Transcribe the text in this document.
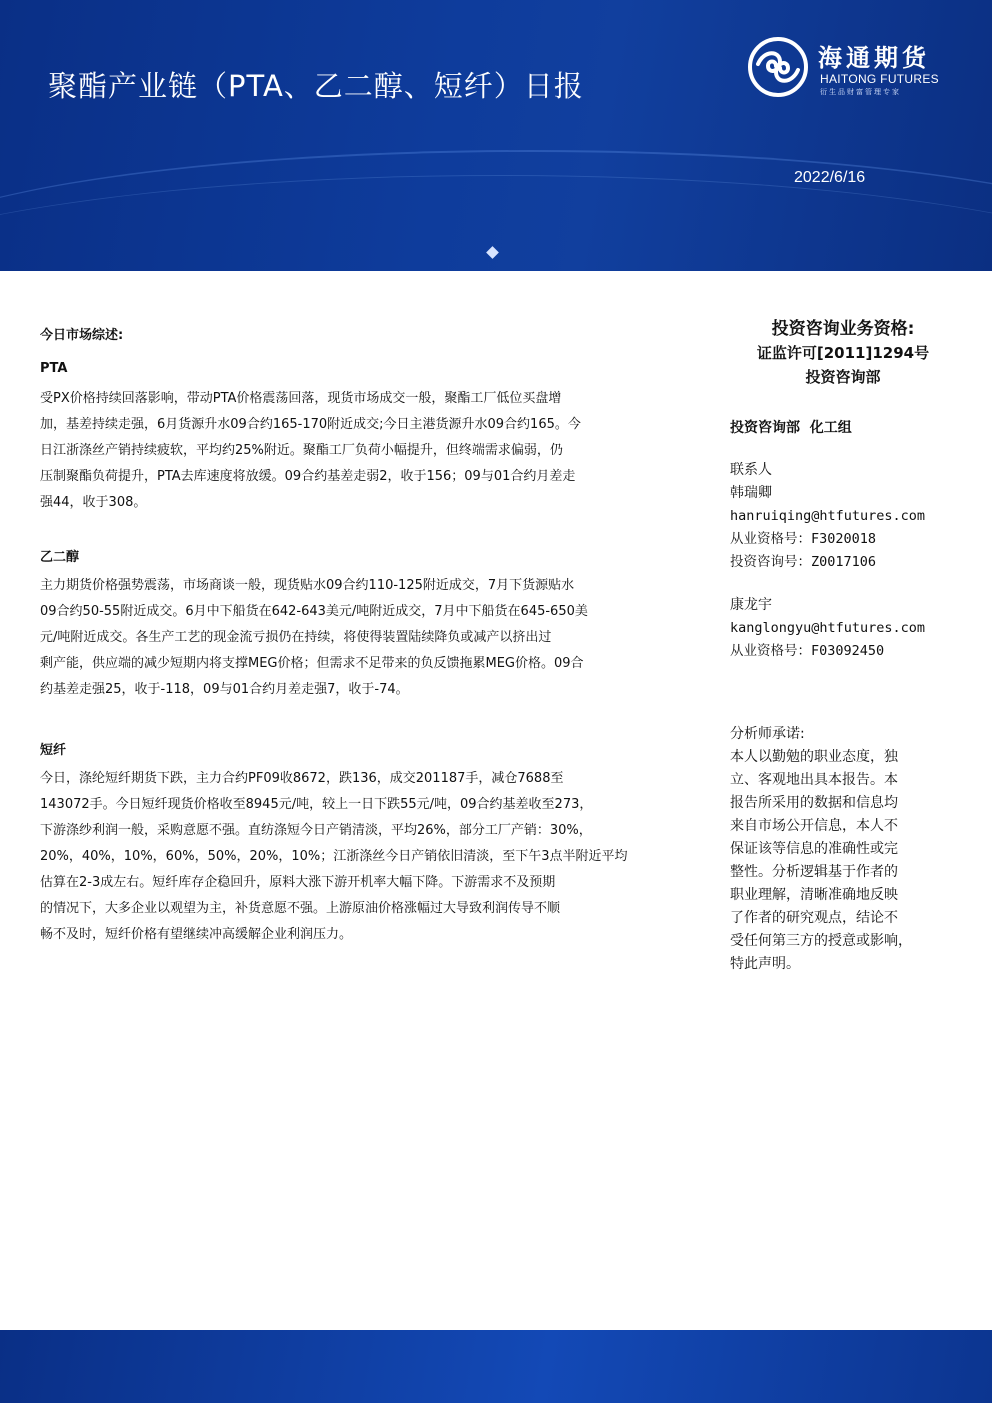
聚酯产业链（PTA、乙二醇、短纤）日报
海通期货
HAITONG FUTURES
衍生品财富管理专家
2022/6/16
今日市场综述:
PTA
受PX价格持续回落影响，带动PTA价格震荡回落，现货市场成交一般，聚酯工厂低位买盘增
加，基差持续走强，6月货源升水09合约165-170附近成交;今日主港货源升水09合约165。今
日江浙涤丝产销持续疲软，平均约25%附近。聚酯工厂负荷小幅提升，但终端需求偏弱，仍
压制聚酯负荷提升，PTA去库速度将放缓。09合约基差走弱2，收于156；09与01合约月差走
强44，收于308。
乙二醇
主力期货价格强势震荡，市场商谈一般，现货贴水09合约110-125附近成交，7月下货源贴水
09合约50-55附近成交。6月中下船货在642-643美元/吨附近成交，7月中下船货在645-650美
元/吨附近成交。各生产工艺的现金流亏损仍在持续，将使得装置陆续降负或减产以挤出过
剩产能，供应端的减少短期内将支撑MEG价格；但需求不足带来的负反馈拖累MEG价格。09合
约基差走强25，收于-118，09与01合约月差走强7，收于-74。
短纤
今日，涤纶短纤期货下跌，主力合约PF09收8672，跌136，成交201187手，减仓7688至
143072手。今日短纤现货价格收至8945元/吨，较上一日下跌55元/吨，09合约基差收至273，
下游涤纱利润一般，采购意愿不强。直纺涤短今日产销清淡，平均26%，部分工厂产销：30%，
20%，40%，10%，60%，50%，20%，10%；江浙涤丝今日产销依旧清淡，至下午3点半附近平均
估算在2-3成左右。短纤库存企稳回升，原料大涨下游开机率大幅下降。下游需求不及预期
的情况下，大多企业以观望为主，补货意愿不强。上游原油价格涨幅过大导致利润传导不顺
畅不及时，短纤价格有望继续冲高缓解企业利润压力。
投资咨询业务资格:
证监许可[2011]1294号
投资咨询部
投资咨询部  化工组
联系人
韩瑞卿
hanruiqing@htfutures.com
从业资格号：F3020018
投资咨询号：Z0017106
康龙宇
kanglongyu@htfutures.com
从业资格号：F03092450
分析师承诺:
本人以勤勉的职业态度，独
立、客观地出具本报告。本
报告所采用的数据和信息均
来自市场公开信息，本人不
保证该等信息的准确性或完
整性。分析逻辑基于作者的
职业理解，清晰准确地反映
了作者的研究观点，结论不
受任何第三方的授意或影响，
特此声明。
